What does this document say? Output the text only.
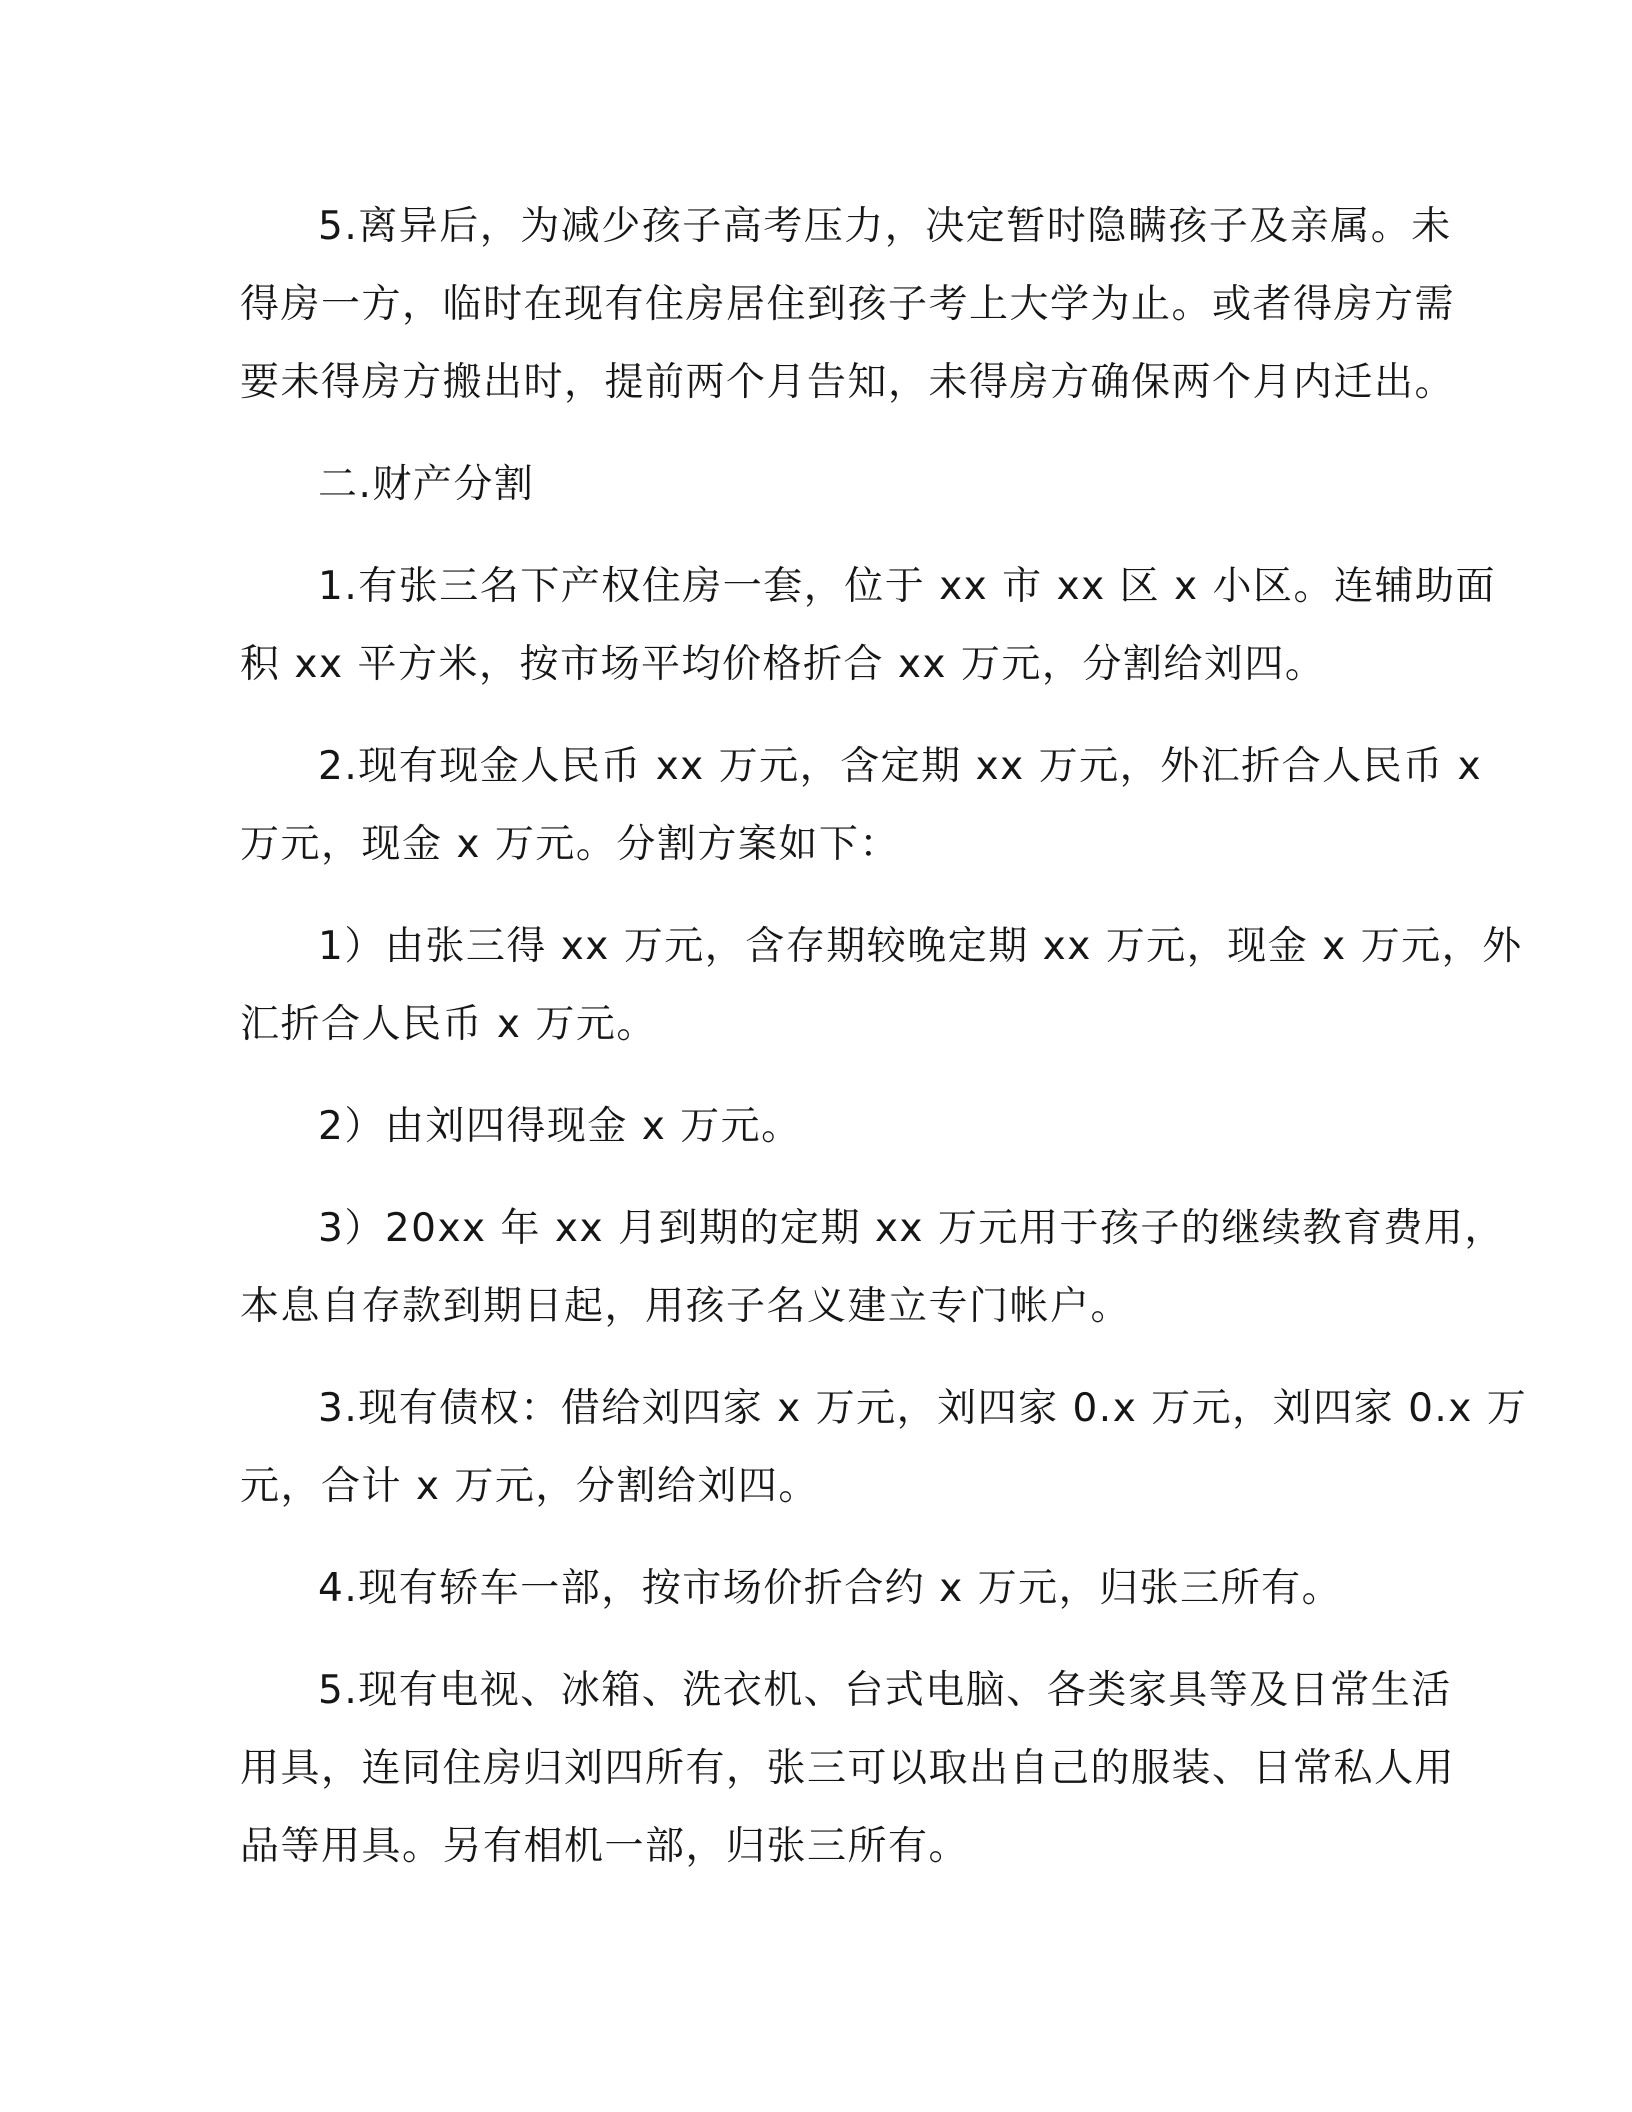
5.离异后，为减少孩子高考压力，决定暂时隐瞒孩子及亲属。未
得房一方，临时在现有住房居住到孩子考上大学为止。或者得房方需
要未得房方搬出时，提前两个月告知，未得房方确保两个月内迁出。

二.财产分割

1.有张三名下产权住房一套，位于 xx 市 xx 区 x 小区。连辅助面
积 xx 平方米，按市场平均价格折合 xx 万元，分割给刘四。

2.现有现金人民币 xx 万元，含定期 xx 万元，外汇折合人民币 x
万元，现金 x 万元。分割方案如下：

1）由张三得 xx 万元，含存期较晚定期 xx 万元，现金 x 万元，外
汇折合人民币 x 万元。

2）由刘四得现金 x 万元。

3）20xx 年 xx 月到期的定期 xx 万元用于孩子的继续教育费用，
本息自存款到期日起，用孩子名义建立专门帐户。

3.现有债权：借给刘四家 x 万元，刘四家 0.x 万元，刘四家 0.x 万
元，合计 x 万元，分割给刘四。

4.现有轿车一部，按市场价折合约 x 万元，归张三所有。

5.现有电视、冰箱、洗衣机、台式电脑、各类家具等及日常生活
用具，连同住房归刘四所有，张三可以取出自己的服装、日常私人用
品等用具。另有相机一部，归张三所有。
